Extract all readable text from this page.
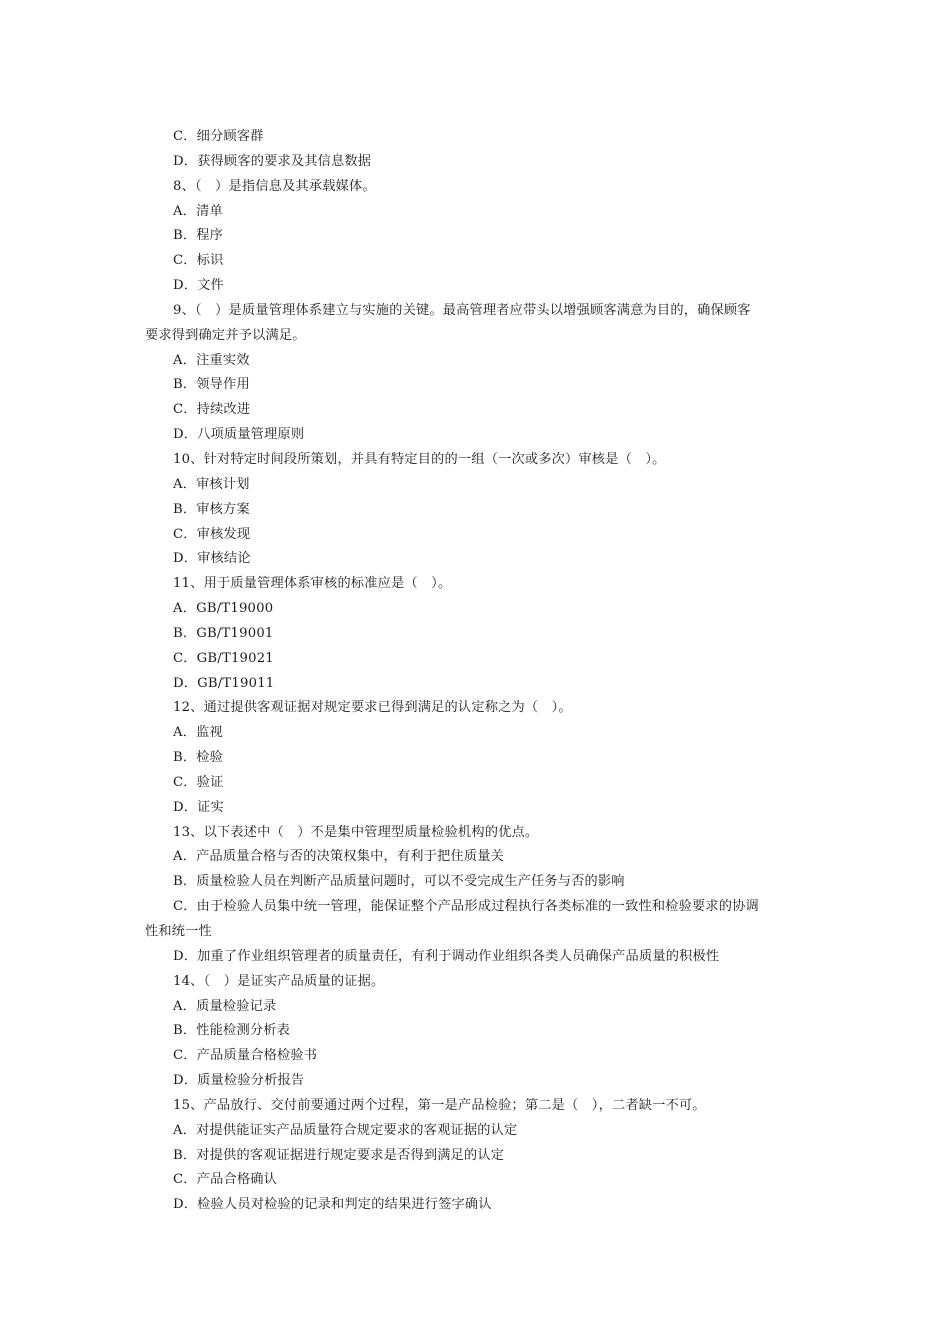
C．细分顾客群
D．获得顾客的要求及其信息数据
8、（　）是指信息及其承载媒体。
A．清单
B．程序
C．标识
D．文件
9、（　）是质量管理体系建立与实施的关键。最高管理者应带头以增强顾客满意为目的，确保顾客
要求得到确定并予以满足。
A．注重实效
B．领导作用
C．持续改进
D．八项质量管理原则
10、针对特定时间段所策划，并具有特定目的的一组（一次或多次）审核是（　）。
A．审核计划
B．审核方案
C．审核发现
D．审核结论
11、用于质量管理体系审核的标准应是（　）。
A．GB/T19000
B．GB/T19001
C．GB/T19021
D．GB/T19011
12、通过提供客观证据对规定要求已得到满足的认定称之为（　）。
A．监视
B．检验
C．验证
D．证实
13、以下表述中（　）不是集中管理型质量检验机构的优点。
A．产品质量合格与否的决策权集中，有利于把住质量关
B．质量检验人员在判断产品质量问题时，可以不受完成生产任务与否的影响
C．由于检验人员集中统一管理，能保证整个产品形成过程执行各类标准的一致性和检验要求的协调
性和统一性
D．加重了作业组织管理者的质量责任，有利于调动作业组织各类人员确保产品质量的积极性
14、（　）是证实产品质量的证据。
A．质量检验记录
B．性能检测分析表
C．产品质量合格检验书
D．质量检验分析报告
15、产品放行、交付前要通过两个过程，第一是产品检验；第二是（　），二者缺一不可。
A．对提供能证实产品质量符合规定要求的客观证据的认定
B．对提供的客观证据进行规定要求是否得到满足的认定
C．产品合格确认
D．检验人员对检验的记录和判定的结果进行签字确认
